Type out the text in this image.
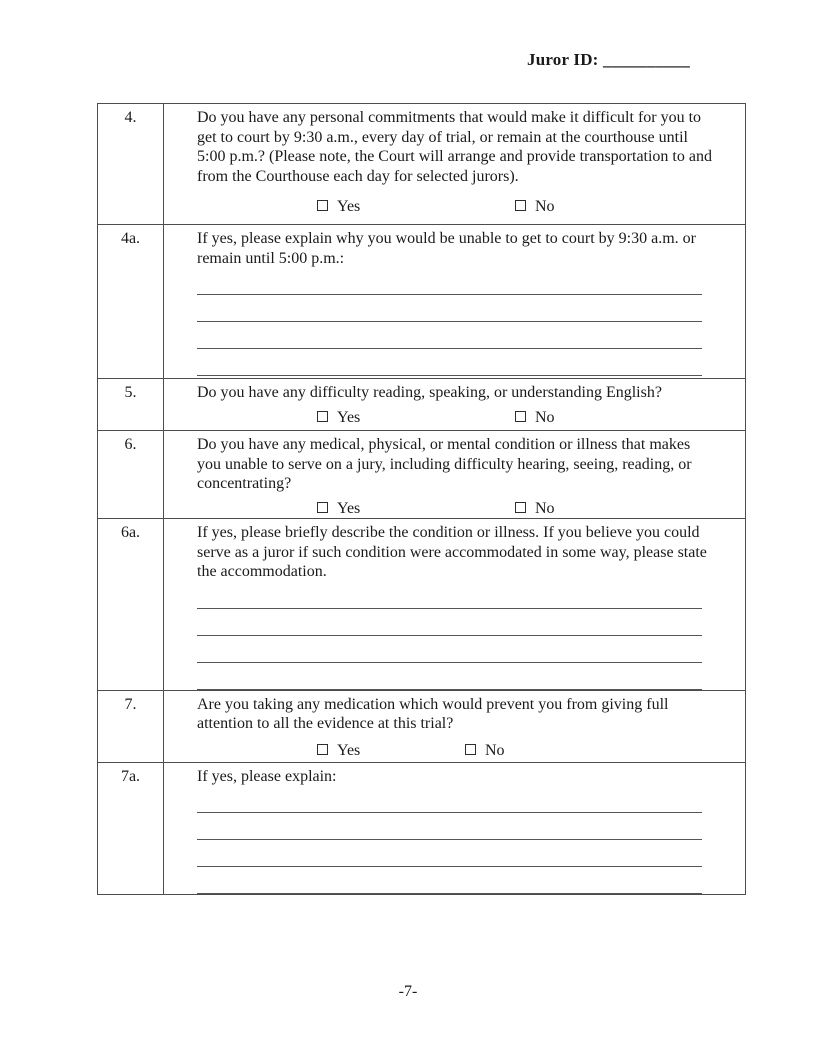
Juror ID: __________
4.	Do you have any personal commitments that would make it difficult for you to get to court by 9:30 a.m., every day of trial, or remain at the courthouse until 5:00 p.m.? (Please note, the Court will arrange and provide transportation to and from the Courthouse each day for selected jurors).

Yes No

4a.	If yes, please explain why you would be unable to get to court by 9:30 a.m. or remain until 5:00 p.m.:

5.	Do you have any difficulty reading, speaking, or understanding English?

Yes No

6.	Do you have any medical, physical, or mental condition or illness that makes you unable to serve on a jury, including difficulty hearing, seeing, reading, or concentrating?

Yes No

6a.	If yes, please briefly describe the condition or illness. If you believe you could serve as a juror if such condition were accommodated in some way, please state the accommodation.

7.	Are you taking any medication which would prevent you from giving full attention to all the evidence at this trial?

Yes No

7a.	If yes, please explain:

-7-
